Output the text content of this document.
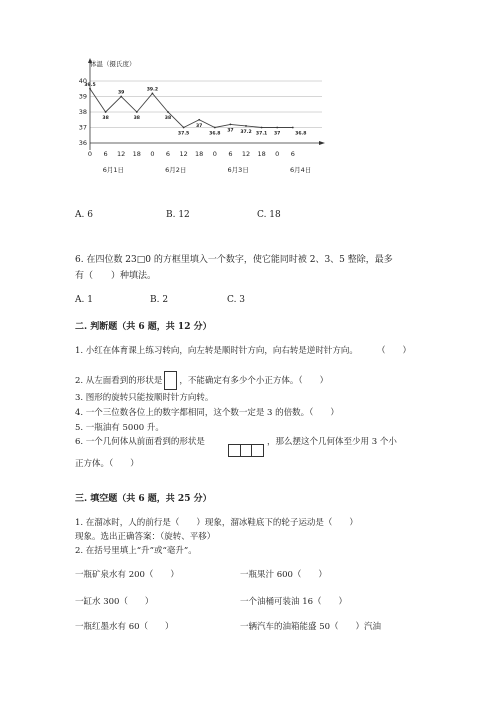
体温（摄氏度）
40
39
38
37
36
0 6 12 18 0 6 12 18 0 6 12 18 0 6
6月1日	6月2日	6月3日	6月4日
39.5
38
39
38
39.2
38
37.5
37
36.8
37 37.2 37.1 37	36.8
A. 6	B. 12	C. 18
6. 在四位数 23□0 的方框里填入一个数字，使它能同时被 2、3、5 整除，最多
有（　　）种填法。
A. 1	B. 2	C. 3
二. 判断题（共 6 题，共 12 分）
1. 小红在体育课上练习转向，向左转是顺时针方向，向右转是逆时针方向。 （　　）
2. 从左面看到的形状是 ，不能确定有多少个小正方体。（　　）
3. 图形的旋转只能按顺时针方向转。
4. 一个三位数各位上的数字都相同，这个数一定是 3 的倍数。（　　）
5. 一瓶油有 5000 升。
6. 一个几何体从前面看到的形状是	，那么摆这个几何体至少用 3 个小
正方体。（　　）
三. 填空题（共 6 题，共 25 分）
1. 在溜冰时，人的前行是（　　）现象，溜冰鞋底下的轮子运动是（　　）
现象。选出正确答案：（旋转、平移）
2. 在括号里填上“升”或“毫升”。
一瓶矿泉水有 200（　　）	一瓶果汁 600（　　）
一缸水 300（　　）	一个油桶可装油 16（　　）
一瓶红墨水有 60（　　）	一辆汽车的油箱能盛 50（　　）汽油
